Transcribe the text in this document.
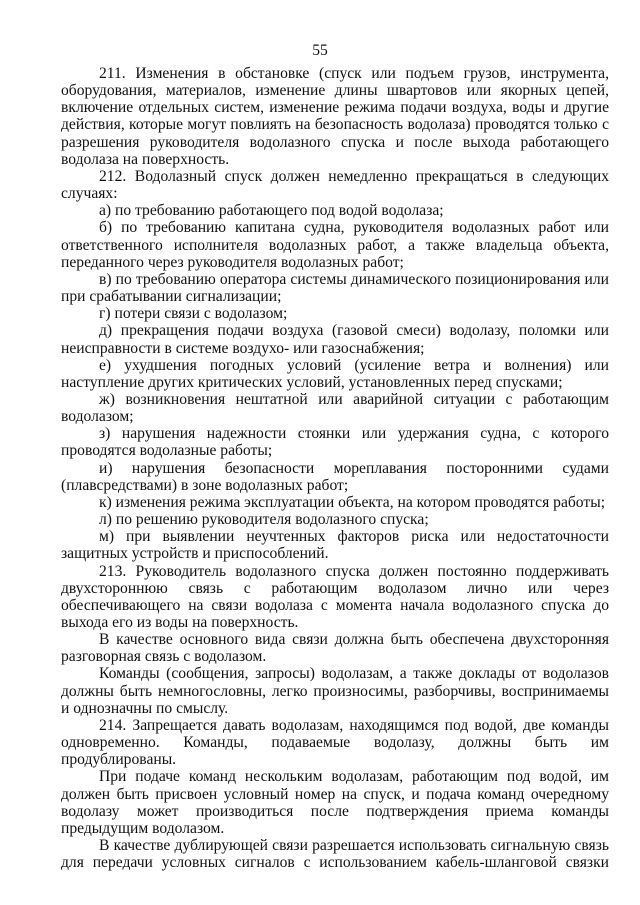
55

211. Изменения в обстановке (спуск или подъем грузов, инструмента, оборудования, материалов, изменение длины швартовов или якорных цепей, включение отдельных систем, изменение режима подачи воздуха, воды и другие действия, которые могут повлиять на безопасность водолаза) проводятся только с разрешения руководителя водолазного спуска и после выхода работающего водолаза на поверхность.

212. Водолазный спуск должен немедленно прекращаться в следующих случаях:

а) по требованию работающего под водой водолаза;

б) по требованию капитана судна, руководителя водолазных работ или ответственного исполнителя водолазных работ, а также владельца объекта, переданного через руководителя водолазных работ;

в) по требованию оператора системы динамического позиционирования или при срабатывании сигнализации;

г) потери связи с водолазом;

д) прекращения подачи воздуха (газовой смеси) водолазу, поломки или неисправности в системе воздухо- или газоснабжения;

е) ухудшения погодных условий (усиление ветра и волнения) или наступление других критических условий, установленных перед спусками;

ж) возникновения нештатной или аварийной ситуации с работающим водолазом;

з) нарушения надежности стоянки или удержания судна, с которого проводятся водолазные работы;

и) нарушения безопасности мореплавания посторонними судами (плавсредствами) в зоне водолазных работ;

к) изменения режима эксплуатации объекта, на котором проводятся работы;

л) по решению руководителя водолазного спуска;

м) при выявлении неучтенных факторов риска или недостаточности защитных устройств и приспособлений.

213. Руководитель водолазного спуска должен постоянно поддерживать двухстороннюю связь с работающим водолазом лично или через обеспечивающего на связи водолаза с момента начала водолазного спуска до выхода его из воды на поверхность.

В качестве основного вида связи должна быть обеспечена двухсторонняя разговорная связь с водолазом.

Команды (сообщения, запросы) водолазам, а также доклады от водолазов должны быть немногословны, легко произносимы, разборчивы, воспринимаемы и однозначны по смыслу.

214. Запрещается давать водолазам, находящимся под водой, две команды одновременно. Команды, подаваемые водолазу, должны быть им продублированы.

При подаче команд нескольким водолазам, работающим под водой, им должен быть присвоен условный номер на спуск, и подача команд очередному водолазу может производиться после подтверждения приема команды предыдущим водолазом.

В качестве дублирующей связи разрешается использовать сигнальную связь для передачи условных сигналов с использованием кабель-шланговой связки
